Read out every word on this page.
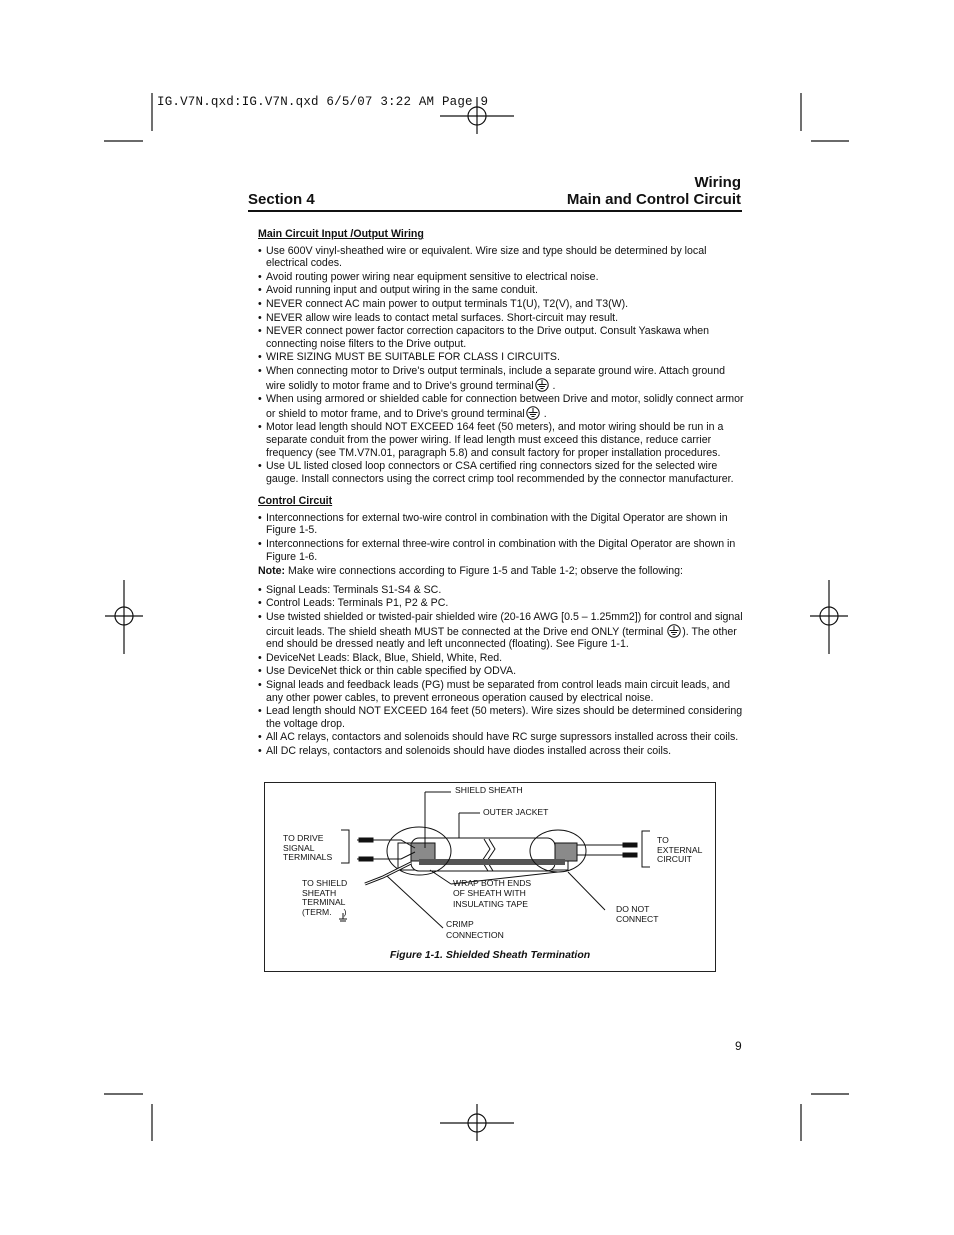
IG.V7N.qxd:IG.V7N.qxd 6/5/07 3:22 AM Page 9
Wiring
Main and Control Circuit
Section 4
Main Circuit Input /Output Wiring
• Use 600V vinyl-sheathed wire or equivalent. Wire size and type should be determined by local electrical codes.
• Avoid routing power wiring near equipment sensitive to electrical noise.
• Avoid running input and output wiring in the same conduit.
• NEVER connect AC main power to output terminals T1(U), T2(V), and T3(W).
• NEVER allow wire leads to contact metal surfaces. Short-circuit may result.
• NEVER connect power factor correction capacitors to the Drive output. Consult Yaskawa when connecting noise filters to the Drive output.
• WIRE SIZING MUST BE SUITABLE FOR CLASS I CIRCUITS.
• When connecting motor to Drive's output terminals, include a separate ground wire. Attach ground wire solidly to motor frame and to Drive's ground terminal .
• When using armored or shielded cable for connection between Drive and motor, solidly connect armor or shield to motor frame, and to Drive's ground terminal .
• Motor lead length should NOT EXCEED 164 feet (50 meters), and motor wiring should be run in a separate conduit from the power wiring. If lead length must exceed this distance, reduce carrier frequency (see TM.V7N.01, paragraph 5.8) and consult factory for proper installation procedures.
• Use UL listed closed loop connectors or CSA certified ring connectors sized for the selected wire gauge. Install connectors using the correct crimp tool recommended by the connector manufacturer.
Control Circuit
• Interconnections for external two-wire control in combination with the Digital Operator are shown in Figure 1-5.
• Interconnections for external three-wire control in combination with the Digital Operator are shown in Figure 1-6.
Note: Make wire connections according to Figure 1-5 and Table 1-2; observe the following:
• Signal Leads: Terminals S1-S4 & SC.
• Control Leads: Terminals P1, P2 & PC.
• Use twisted shielded or twisted-pair shielded wire (20-16 AWG [0.5 – 1.25mm2]) for control and signal circuit leads. The shield sheath MUST be connected at the Drive end ONLY (terminal ). The other end should be dressed neatly and left unconnected (floating). See Figure 1-1.
• DeviceNet Leads: Black, Blue, Shield, White, Red.
• Use DeviceNet thick or thin cable specified by ODVA.
• Signal leads and feedback leads (PG) must be separated from control leads main circuit leads, and any other power cables, to prevent erroneous operation caused by electrical noise.
• Lead length should NOT EXCEED 164 feet (50 meters). Wire sizes should be determined considering the voltage drop.
• All AC relays, contactors and solenoids should have RC surge supressors installed across their coils.
• All DC relays, contactors and solenoids should have diodes installed across their coils.
SHIELD SHEATH
OUTER JACKET
TO DRIVE
SIGNAL
TERMINALS
TO
EXTERNAL
CIRCUIT
TO SHIELD
SHEATH
TERMINAL
(TERM. )
WRAP BOTH ENDS
OF SHEATH WITH
INSULATING TAPE
CRIMP
CONNECTION
DO NOT
CONNECT
Figure 1-1. Shielded Sheath Termination
9
